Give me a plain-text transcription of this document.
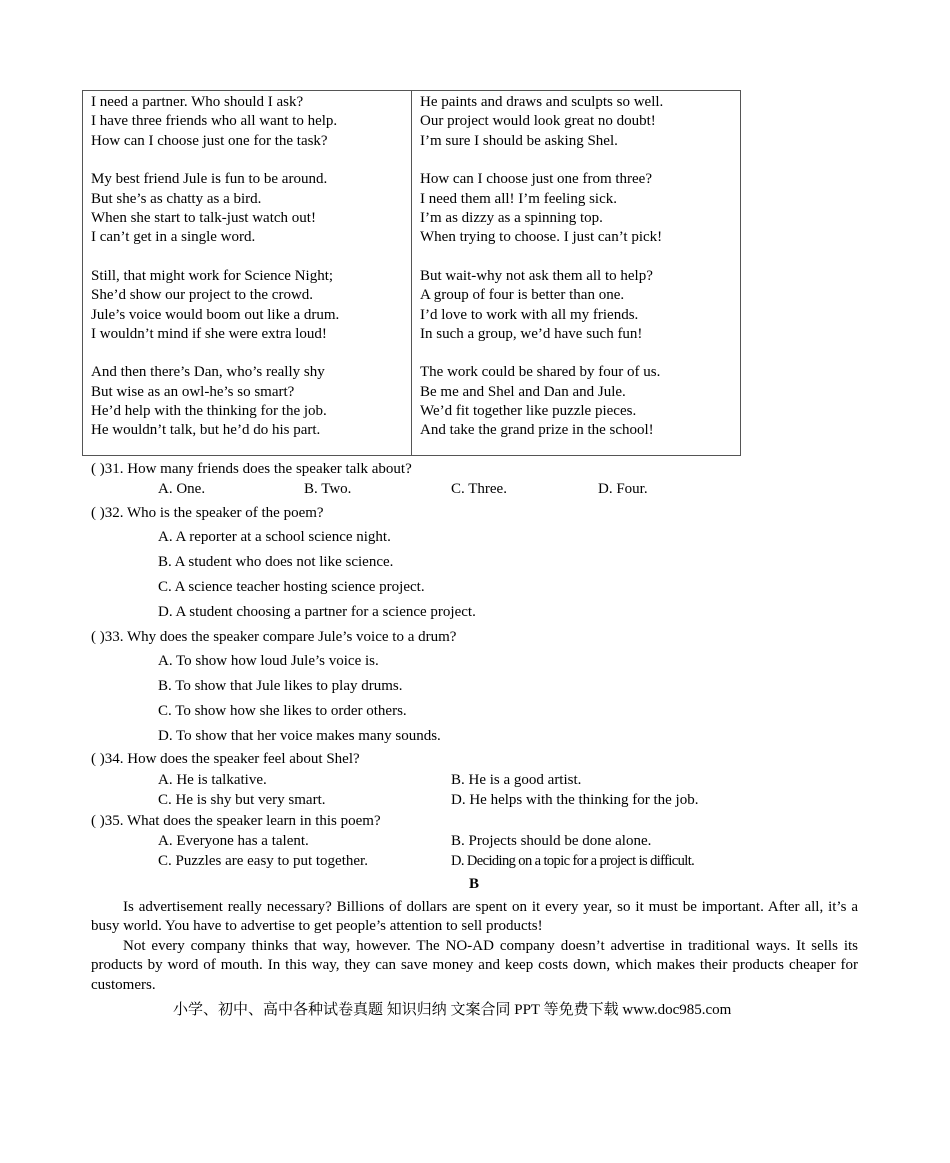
I need a partner. Who should I ask?
I have three friends who all want to help.
How can I choose just one for the task?
My best friend Jule is fun to be around.
But she’s as chatty as a bird.
When she start to talk-just watch out!
I can’t get in a single word.
Still, that might work for Science Night;
She’d show our project to the crowd.
Jule’s voice would boom out like a drum.
I wouldn’t mind if she were extra loud!
And then there’s Dan, who’s really shy
But wise as an owl-he’s so smart?
He’d help with the thinking for the job.
He wouldn’t talk, but he’d do his part.
He paints and draws and sculpts so well.
Our project would look great no doubt!
I’m sure I should be asking Shel.
How can I choose just one from three?
I need them all! I’m feeling sick.
I’m as dizzy as a spinning top.
When trying to choose. I just can’t pick!
But wait-why not ask them all to help?
A group of four is better than one.
I’d love to work with all my friends.
In such a group, we’d have such fun!
The work could be shared by four of us.
Be me and Shel and Dan and Jule.
We’d fit together like puzzle pieces.
And take the grand prize in the school!
( )31. How many friends does the speaker talk about?
A. One.	B. Two.	C. Three.	D. Four.
( )32. Who is the speaker of the poem?
A. A reporter at a school science night.
B. A student who does not like science.
C. A science teacher hosting science project.
D. A student choosing a partner for a science project.
( )33. Why does the speaker compare Jule’s voice to a drum?
A. To show how loud Jule’s voice is.
B. To show that Jule likes to play drums.
C. To show how she likes to order others.
D. To show that her voice makes many sounds.
( )34. How does the speaker feel about Shel?
A. He is talkative.	B. He is a good artist.
C. He is shy but very smart.	D. He helps with the thinking for the job.
( )35. What does the speaker learn in this poem?
A. Everyone has a talent.	B. Projects should be done alone.
C. Puzzles are easy to put together.	D. Deciding on a topic for a project is difficult.
B
Is advertisement really necessary? Billions of dollars are spent on it every year, so it must be important. After all, it’s a busy world. You have to advertise to get people’s attention to sell products!
Not every company thinks that way, however. The NO-AD company doesn’t advertise in traditional ways. It sells its products by word of mouth. In this way, they can save money and keep costs down, which makes their products cheaper for customers.
小学、初中、高中各种试卷真题 知识归纳 文案合同 PPT 等免费下载 www.doc985.com
